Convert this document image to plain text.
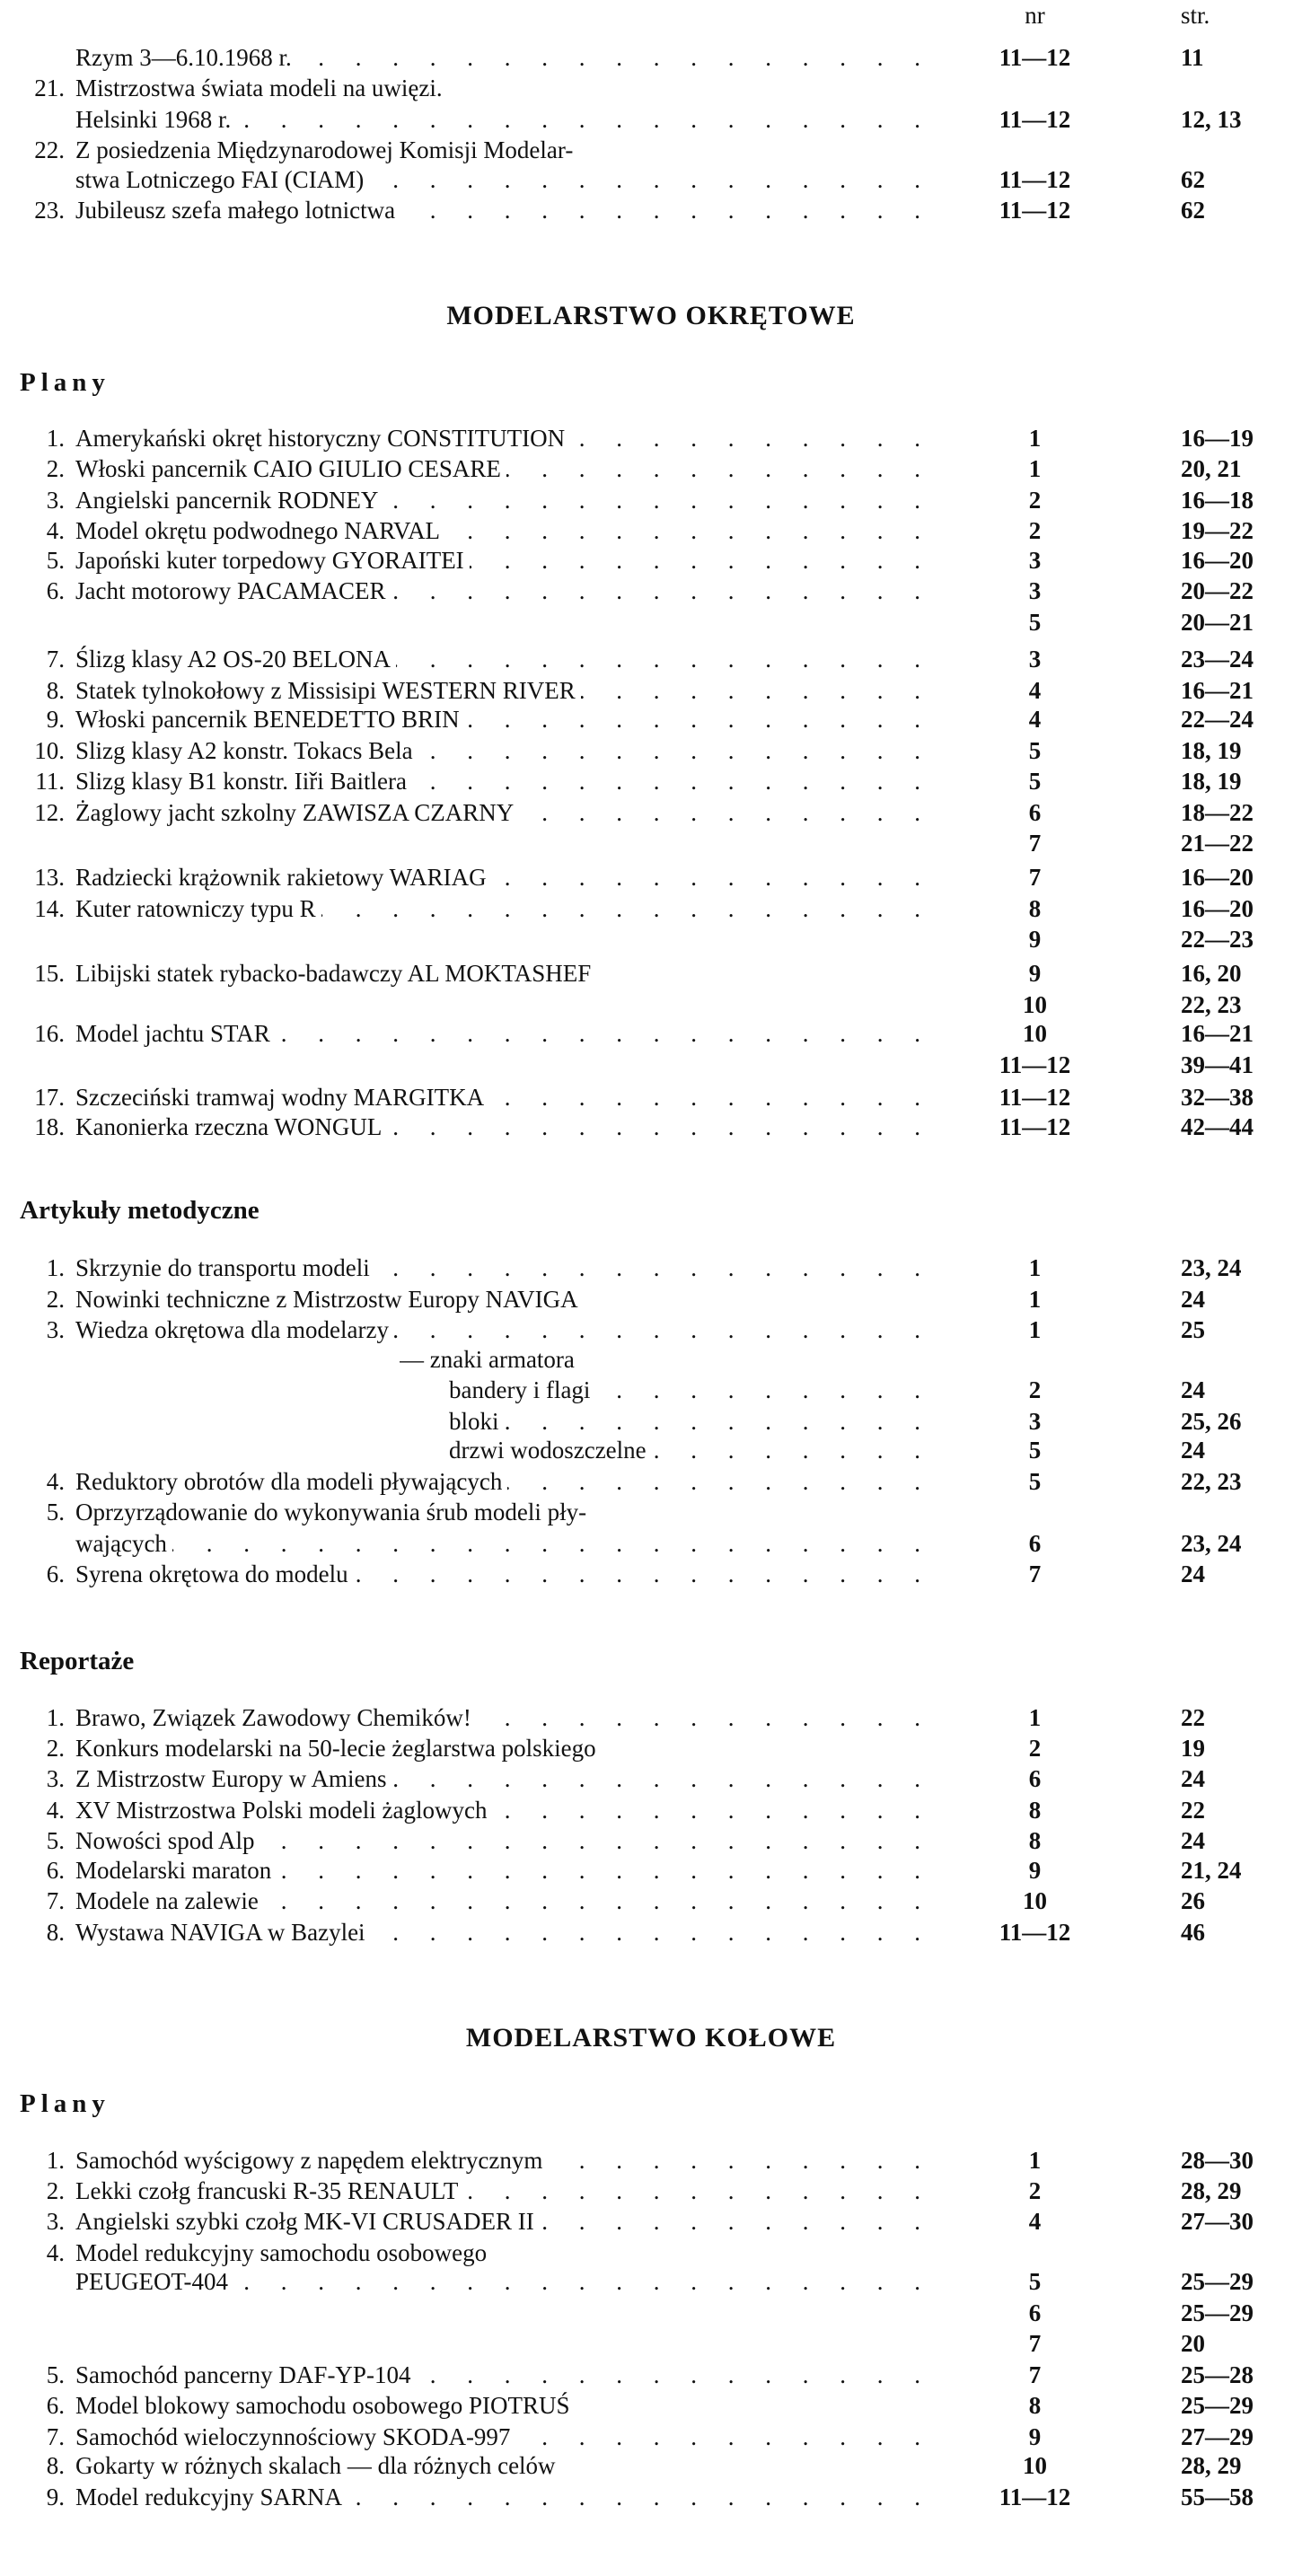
nr	str.
Rzym 3—6.10.1968 r. . .	11—12	11
21. Mistrzostwa świata modeli na uwięzi.
Helsinki 1968 r. . .	11—12	12, 13
22. Z posiedzenia Międzynarodowej Komisji Modelar-
stwa Lotniczego FAI (CIAM) . .	11—12	62
23. Jubileusz szefa małego lotnictwa . .	11—12	62
MODELARSTWO OKRĘTOWE
Plany
1. Amerykański okręt historyczny CONSTITUTION . .	1	16—19
2. Włoski pancernik CAIO GIULIO CESARE . .	1	20, 21
3. Angielski pancernik RODNEY . .	2	16—18
4. Model okrętu podwodnego NARVAL . .	2	19—22
5. Japoński kuter torpedowy GYORAITEI . .	3	16—20
6. Jacht motorowy PACAMACER . .	3	20—22
5	20—21
7. Ślizg klasy A2 OS-20 BELONA . .	3	23—24
8. Statek tylnokołowy z Missisipi WESTERN RIVER . .	4	16—21
9. Włoski pancernik BENEDETTO BRIN . .	4	22—24
10. Slizg klasy A2 konstr. Tokacs Bela . .	5	18, 19
11. Slizg klasy B1 konstr. Iiři Baitlera . .	5	18, 19
12. Żaglowy jacht szkolny ZAWISZA CZARNY . .	6	18—22
7	21—22
13. Radziecki krążownik rakietowy WARIAG . .	7	16—20
14. Kuter ratowniczy typu R . .	8	16—20
9	22—23
15. Libijski statek rybacko-badawczy AL MOKTASHEF	9	16, 20
10	22, 23
16. Model jachtu STAR . .	10	16—21
11—12	39—41
17. Szczeciński tramwaj wodny MARGITKA . .	11—12	32—38
18. Kanonierka rzeczna WONGUL . .	11—12	42—44
Artykuły metodyczne
1. Skrzynie do transportu modeli . .	1	23, 24
2. Nowinki techniczne z Mistrzostw Europy NAVIGA	1	24
3. Wiedza okrętowa dla modelarzy . .	1	25
— znaki armatora
bandery i flagi . .	2	24
bloki . .	3	25, 26
drzwi wodoszczelne . .	5	24
4. Reduktory obrotów dla modeli pływających . .	5	22, 23
5. Oprzyrządowanie do wykonywania śrub modeli pły-
wających . .	6	23, 24
6. Syrena okrętowa do modelu . .	7	24
Reportaże
1. Brawo, Związek Zawodowy Chemików! . .	1	22
2. Konkurs modelarski na 50-lecie żeglarstwa polskiego	2	19
3. Z Mistrzostw Europy w Amiens . .	6	24
4. XV Mistrzostwa Polski modeli żaglowych . .	8	22
5. Nowości spod Alp . .	8	24
6. Modelarski maraton . .	9	21, 24
7. Modele na zalewie . .	10	26
8. Wystawa NAVIGA w Bazylei . .	11—12	46
MODELARSTWO KOŁOWE
Plany
1. Samochód wyścigowy z napędem elektrycznym . .	1	28—30
2. Lekki czołg francuski R-35 RENAULT . .	2	28, 29
3. Angielski szybki czołg MK-VI CRUSADER II . .	4	27—30
4. Model redukcyjny samochodu osobowego
PEUGEOT-404 . .	5	25—29
6	25—29
7	20
5. Samochód pancerny DAF-YP-104 . .	7	25—28
6. Model blokowy samochodu osobowego PIOTRUŚ	8	25—29
7. Samochód wieloczynnościowy SKODA-997 . .	9	27—29
8. Gokarty w różnych skalach — dla różnych celów	10	28, 29
9. Model redukcyjny SARNA . .	11—12	55—58
